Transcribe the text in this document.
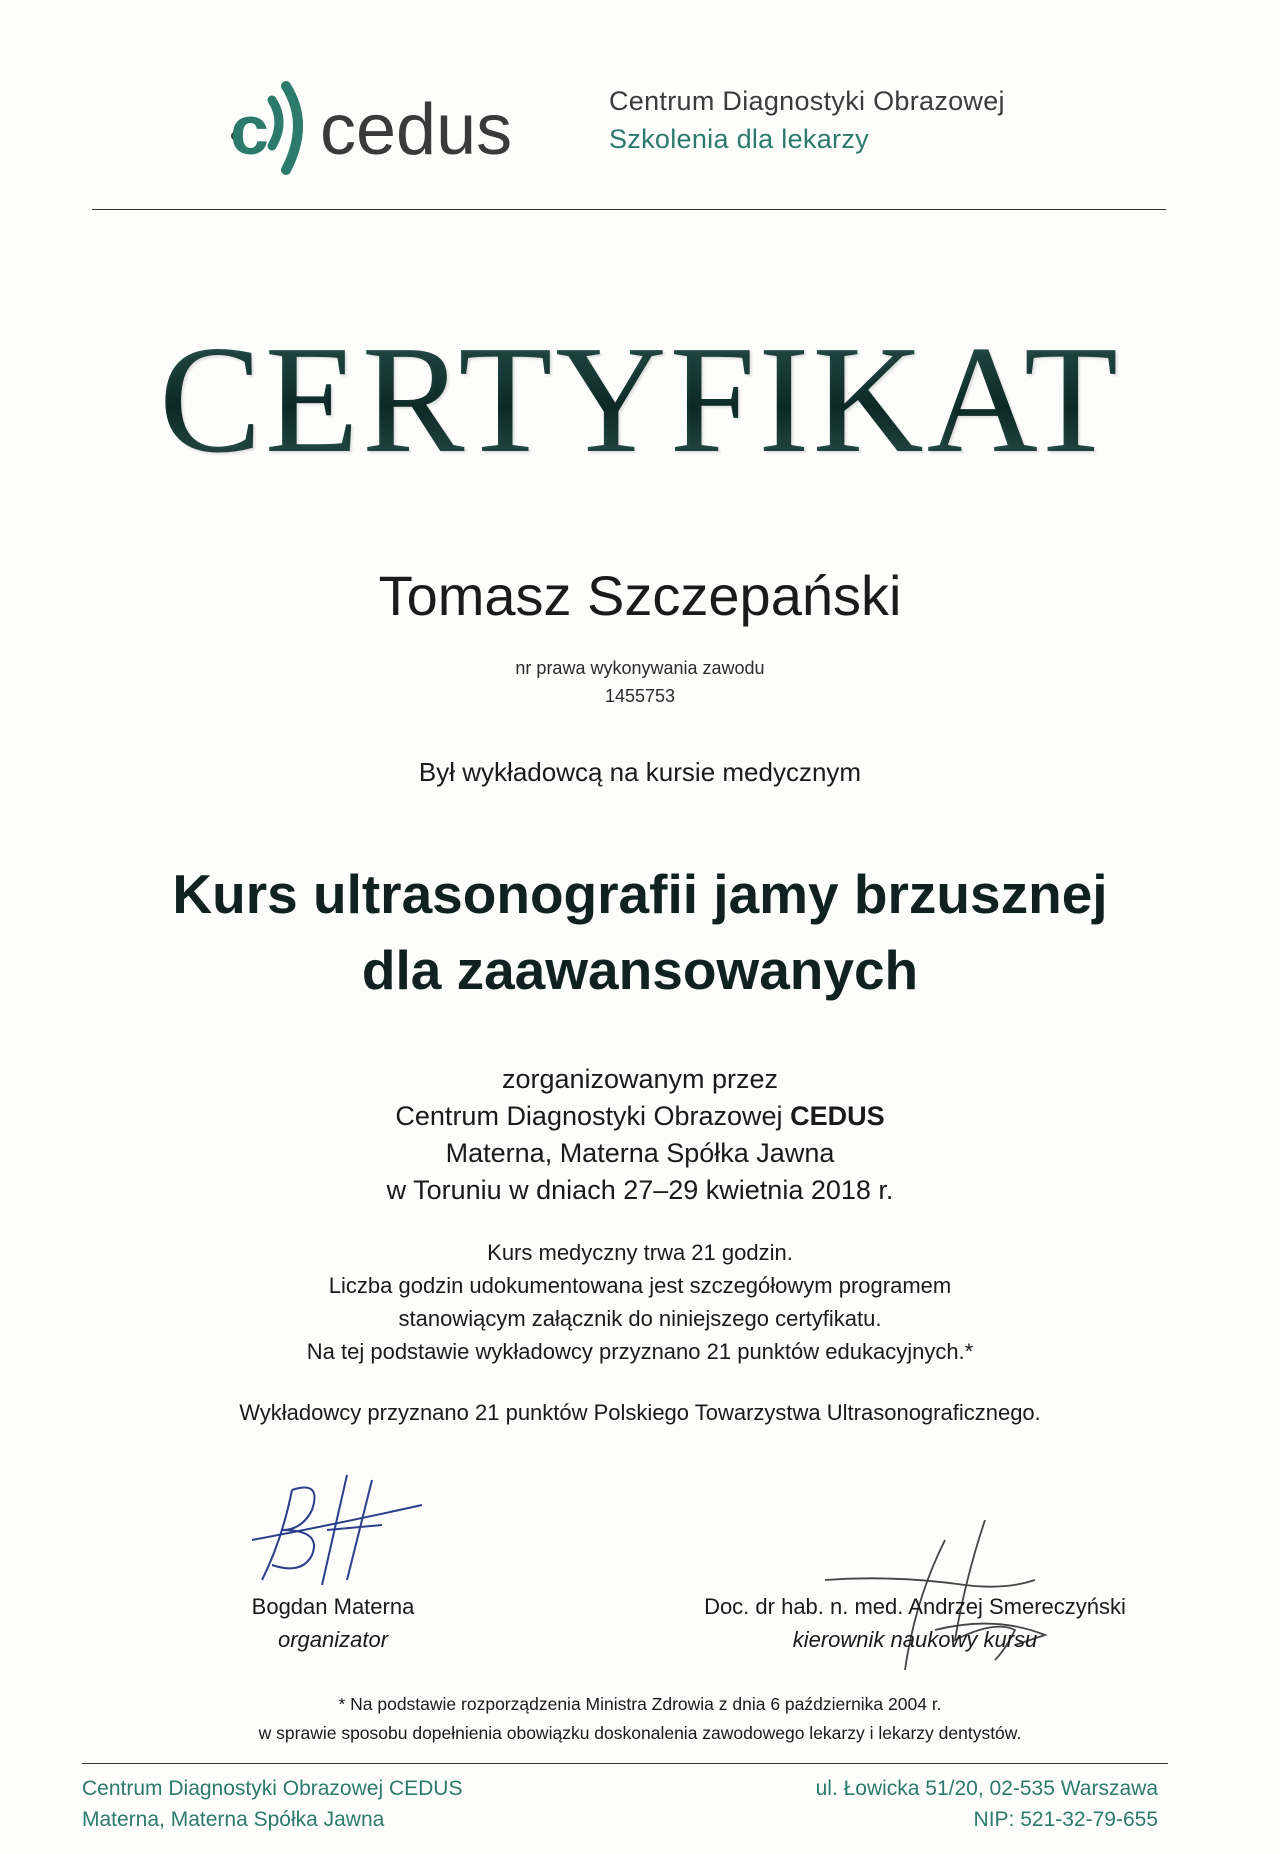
c cedus	Centrum Diagnostyki Obrazowej
Szkolenia dla lekarzy
CERTYFIKAT
Tomasz Szczepański
nr prawa wykonywania zawodu
1455753
Był wykładowcą na kursie medycznym
Kurs ultrasonografii jamy brzusznej
dla zaawansowanych
zorganizowanym przez
Centrum Diagnostyki Obrazowej CEDUS
Materna, Materna Spółka Jawna
w Toruniu w dniach 27–29 kwietnia 2018 r.
Kurs medyczny trwa 21 godzin.
Liczba godzin udokumentowana jest szczegółowym programem
stanowiącym załącznik do niniejszego certyfikatu.
Na tej podstawie wykładowcy przyznano 21 punktów edukacyjnych.*
Wykładowcy przyznano 21 punktów Polskiego Towarzystwa Ultrasonograficznego.
Bogdan Materna
organizator
Doc. dr hab. n. med. Andrzej Smereczyński
kierownik naukowy kursu
* Na podstawie rozporządzenia Ministra Zdrowia z dnia 6 października 2004 r.
w sprawie sposobu dopełnienia obowiązku doskonalenia zawodowego lekarzy i lekarzy dentystów.
Centrum Diagnostyki Obrazowej CEDUS
Materna, Materna Spółka Jawna
ul. Łowicka 51/20, 02-535 Warszawa
NIP: 521-32-79-655
